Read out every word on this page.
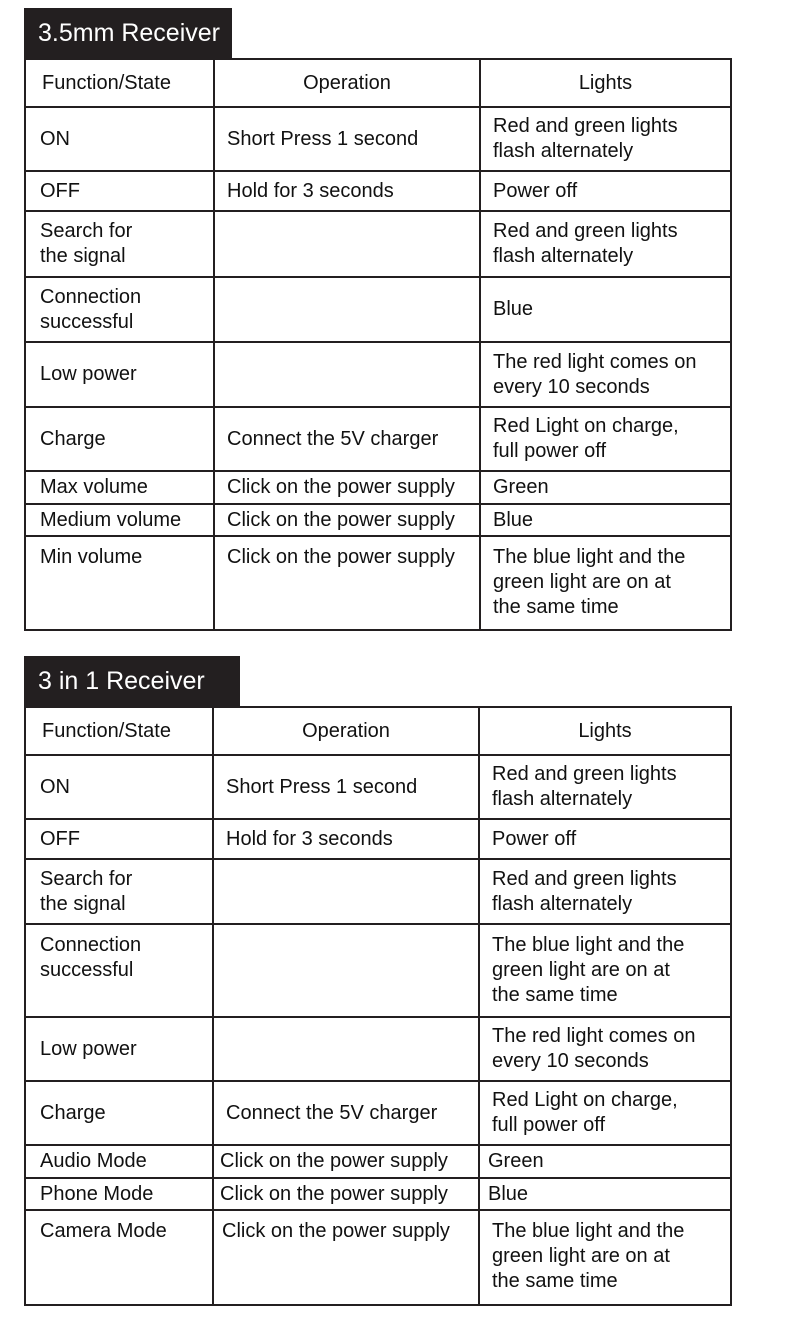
3.5mm Receiver
Function/State	Operation	Lights
ON	Short Press 1 second	Red and green lights
flash alternately
OFF	Hold for 3 seconds	Power off
Search for
the signal		Red and green lights
flash alternately
Connection
successful		Blue
Low power		The red light comes on
every 10 seconds
Charge	Connect the 5V charger	Red Light on charge,
full power off
Max volume	Click on the power supply	Green
Medium volume	Click on the power supply	Blue
Min volume	Click on the power supply	The blue light and the
green light are on at
the same time
3 in 1 Receiver
Function/State	Operation	Lights
ON	Short Press 1 second	Red and green lights
flash alternately
OFF	Hold for 3 seconds	Power off
Search for
the signal		Red and green lights
flash alternately
Connection
successful		The blue light and the
green light are on at
the same time
Low power		The red light comes on
every 10 seconds
Charge	Connect the 5V charger	Red Light on charge,
full power off
Audio Mode	Click on the power supply	Green
Phone Mode	Click on the power supply	Blue
Camera Mode	Click on the power supply	The blue light and the
green light are on at
the same time
